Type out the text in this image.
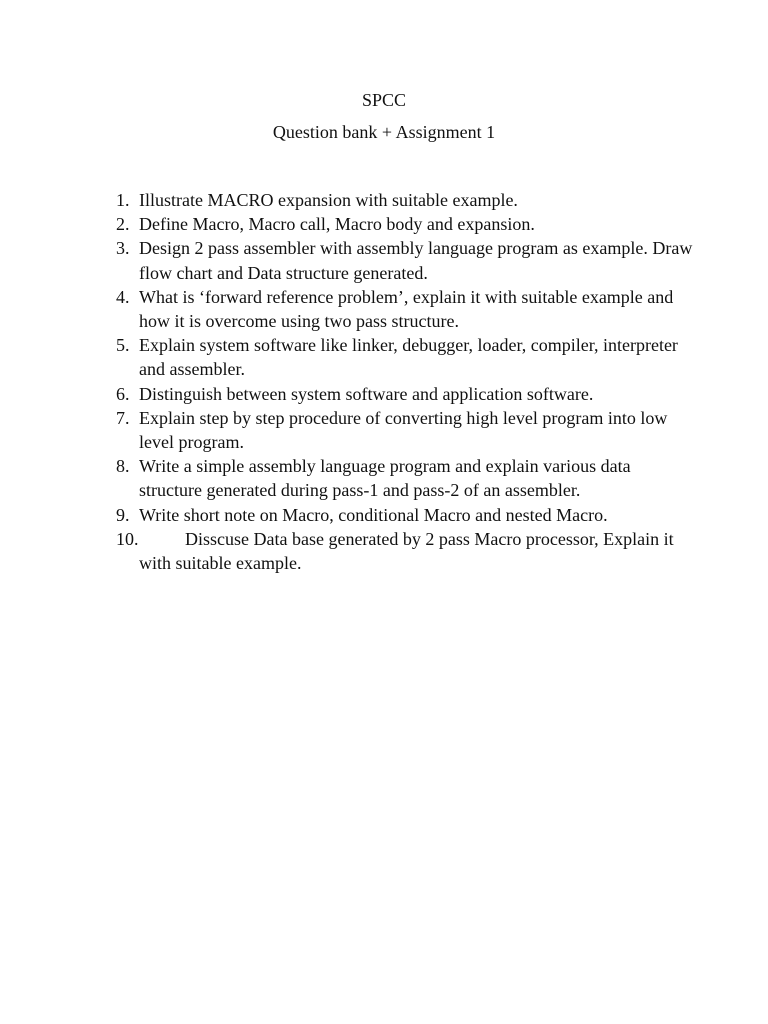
SPCC
Question bank + Assignment 1
1. Illustrate MACRO expansion with suitable example.
2. Define Macro, Macro call, Macro body and expansion.
3. Design 2 pass assembler with assembly language program as example. Draw flow chart and Data structure generated.
4. What is ‘forward reference problem’, explain it with suitable example and how it is overcome using two pass structure.
5. Explain system software like linker, debugger, loader, compiler, interpreter and assembler.
6. Distinguish between system software and application software.
7. Explain step by step procedure of converting high level program into low level program.
8. Write a simple assembly language program and explain various data structure generated during pass-1 and pass-2 of an assembler.
9. Write short note on Macro, conditional Macro and nested Macro.
10.	Disscuse Data base generated by 2 pass Macro processor, Explain it with suitable example.
